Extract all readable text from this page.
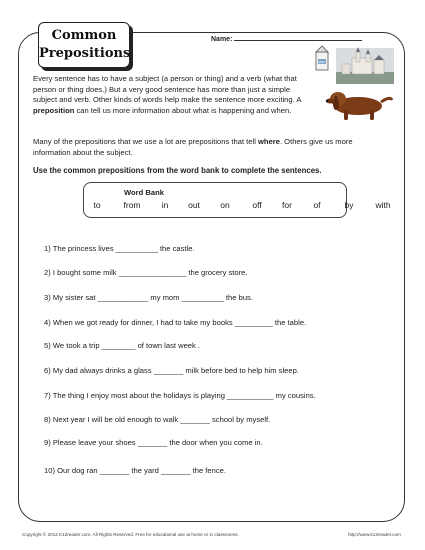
Common
Prepositions
Name:
MILK
Every sentence has to have a subject (a person or thing) and a verb (what that person or thing does.) But a very good sentence has more than just a simple subject and verb. Other kinds of words help make the sentence more exciting. A preposition can tell us more information about what is happening and when.
Many of the prepositions that we use a lot are prepositions that tell where. Others give us more information about the subject.
Use the common prepositions from the word bank to complete the sentences.
Word Bank
to	from in out on	off for	of	by	with
1) The princess lives __________ the castle.
2) I bought some milk ________________ the grocery store.
3) My sister sat ____________ my mom __________ the bus.
4) When we got ready for dinner, I had to take my books _________ the table.
5) We took a trip ________ of town last week .
6) My dad always drinks a glass _______ milk before bed to help him sleep.
7) The thing I enjoy most about the holidays is playing ___________ my cousins.
8) Next year I will be old enough to walk _______ school by myself.
9) Please leave your shoes _______ the door when you come in.
10) Our dog ran _______ the yard _______ the fence.
Copyright © 2012 K12reader.com. All Rights Reserved. Free for educational use at home or in classrooms.	http://www.k12reader.com
